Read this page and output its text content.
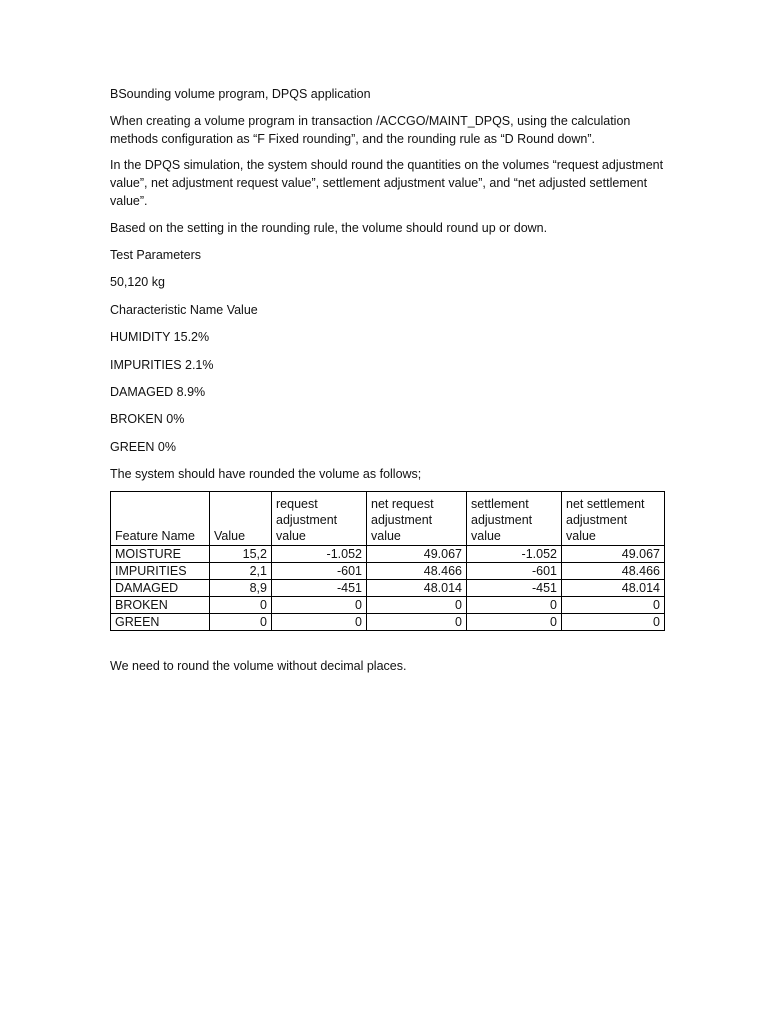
BSounding volume program, DPQS application

When creating a volume program in transaction /ACCGO/MAINT_DPQS, using the calculation methods configuration as “F Fixed rounding”, and the rounding rule as “D Round down”.

In the DPQS simulation, the system should round the quantities on the volumes “request adjustment value”, net adjustment request value”, settlement adjustment value”, and “net adjusted settlement value”.

Based on the setting in the rounding rule, the volume should round up or down.

Test Parameters

50,120 kg

Characteristic Name Value

HUMIDITY 15.2%

IMPURITIES 2.1%

DAMAGED 8.9%

BROKEN 0%

GREEN 0%

The system should have rounded the volume as follows;

Feature Name	Value	request adjustment value	net request adjustment value	settlement adjustment value	net settlement adjustment value
MOISTURE	15,2	-1.052	49.067	-1.052	49.067
IMPURITIES	2,1	-601	48.466	-601	48.466
DAMAGED	8,9	-451	48.014	-451	48.014
BROKEN	0	0	0	0	0
GREEN	0	0	0	0	0

We need to round the volume without decimal places.
